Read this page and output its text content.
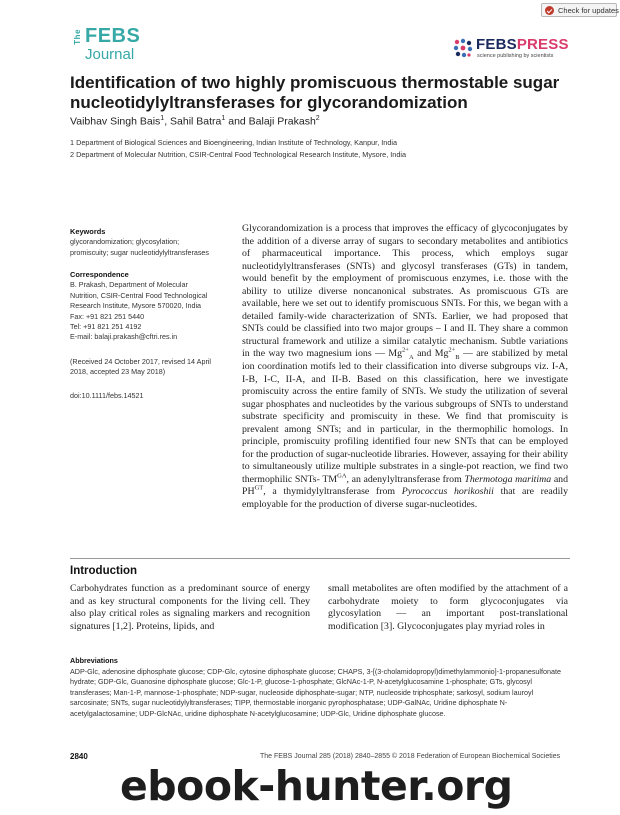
Check for updates
The FEBS
Journal
FEBSPRESS
science publishing by scientists
Identification of two highly promiscuous thermostable sugar nucleotidylyltransferases for glycorandomization
Vaibhav Singh Bais$^1$, Sahil Batra$^1$ and Balaji Prakash$^2$
1 Department of Biological Sciences and Bioengineering, Indian Institute of Technology, Kanpur, India
2 Department of Molecular Nutrition, CSIR-Central Food Technological Research Institute, Mysore, India

Keywords

glycorandomization; glycosylation;

promiscuity; sugar nucleotidylyltransferases

Correspondence

B. Prakash, Department of Molecular

Nutrition, CSIR-Central Food Technological

Research Institute, Mysore 570020, India

Fax: +91 821 251 5440

Tel: +91 821 251 4192

E-mail: balaji.prakash@cftri.res.in

(Received 24 October 2017, revised 14 April

2018, accepted 23 May 2018)

doi:10.1111/febs.14521

Glycorandomization is a process that improves the efficacy of glycoconjugates by the addition of a diverse array of sugars to secondary metabolites and antibiotics of pharmaceutical importance. This process, which employs sugar nucleotidylyltransferases (SNTs) and glycosyl transferases (GTs) in tandem, would benefit by the employment of promiscuous enzymes, i.e. those with the ability to utilize diverse noncanonical substrates. As promiscuous GTs are available, here we set out to identify promiscuous SNTs. For this, we began with a detailed family-wide characterization of SNTs. Earlier, we had proposed that SNTs could be classified into two major groups – I and II. They share a common structural framework and utilize a similar catalytic mechanism. Subtle variations in the way two magnesium ions — $Mg^{2+}_A$ and $Mg^{2+}_B$ — are stabilized by metal ion coordination motifs led to their classification into diverse subgroups viz. I-A, I-B, I-C, II-A, and II-B. Based on this classification, here we investigate promiscuity across the entire family of SNTs. We study the utilization of several sugar phosphates and nucleotides by the various subgroups of SNTs to understand substrate specificity and promiscuity in these. We find that promiscuity is prevalent among SNTs; and in particular, in the thermophilic homologs. In principle, promiscuity profiling identified four new SNTs that can be employed for the production of sugar-nucleotide libraries. However, assaying for their ability to simultaneously utilize multiple substrates in a single-pot reaction, we find two thermophilic SNTs- $TM^{GA}$, an adenylyltransferase from Thermotoga maritima and $PH^{GT}$, a thymidylyltransferase from Pyrococcus horikoshii that are readily employable for the production of diverse sugar-nucleotides.

Introduction

Carbohydrates function as a predominant source of energy and as key structural components for the living cell. They also play critical roles as signaling markers and recognition signatures [1,2]. Proteins, lipids, and

small metabolites are often modified by the attachment of a carbohydrate moiety to form glycoconjugates via glycosylation — an important post-translational modification [3]. Glycoconjugates play myriad roles in

Abbreviations

ADP-Glc, adenosine diphosphate glucose; CDP-Glc, cytosine diphosphate glucose; CHAPS, 3-[(3-cholamidopropyl)dimethylammonio]-1-propanesulfonate hydrate; GDP-Glc, Guanosine diphosphate glucose; Glc-1-P, glucose-1-phosphate; GlcNAc-1-P, N-acetylglucosamine 1-phosphate; GTs, glycosyl transferases; Man-1-P, mannose-1-phosphate; NDP-sugar, nucleoside diphosphate-sugar; NTP, nucleoside triphosphate; sarkosyl, sodium lauroyl sarcosinate; SNTs, sugar nucleotidylyltransferases; TIPP, thermostable inorganic pyrophosphatase; UDP-GalNAc, Uridine diphosphate N-acetylgalactosamine; UDP-GlcNAc, uridine diphosphate N-acetylglucosamine; UDP-Glc, Uridine diphosphate glucose.

2840	The FEBS Journal 285 (2018) 2840–2855 © 2018 Federation of European Biochemical Societies
ebook-hunter.org
